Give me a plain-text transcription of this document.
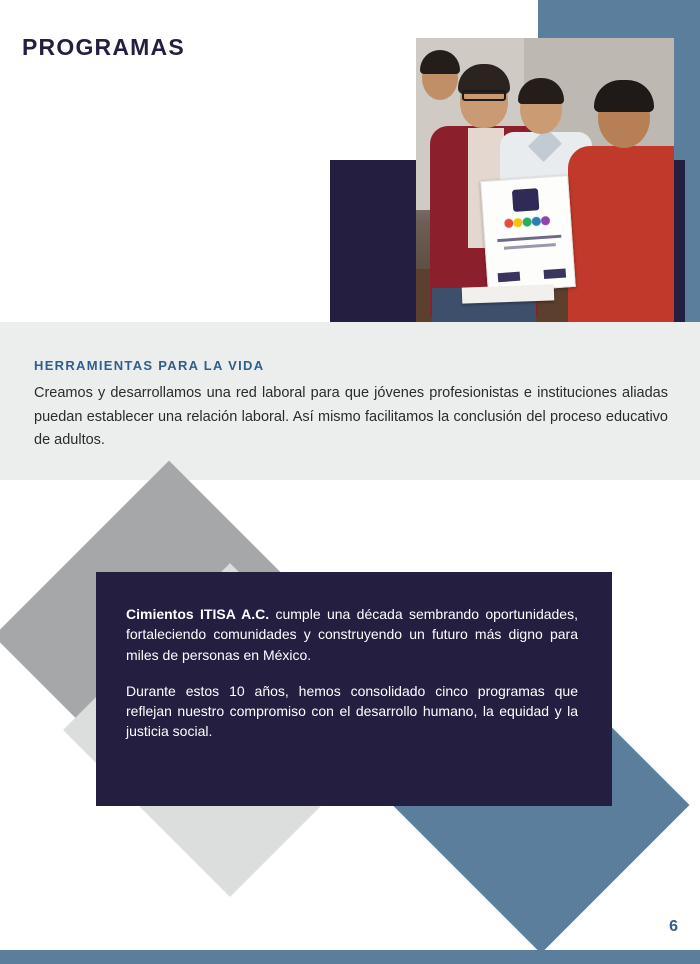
PROGRAMAS
HERRAMIENTAS PARA LA VIDA
Creamos y desarrollamos una red laboral para que jóvenes profesionistas e instituciones aliadas puedan establecer una relación laboral. Así mismo facilitamos la conclusión del proceso educativo de adultos.

Cimientos ITISA A.C. cumple una década sembrando oportunidades, fortaleciendo comunidades y construyendo un futuro más digno para miles de personas en México.

Durante estos 10 años, hemos consolidado cinco programas que reflejan nuestro compromiso con el desarrollo humano, la equidad y la justicia social.

6
